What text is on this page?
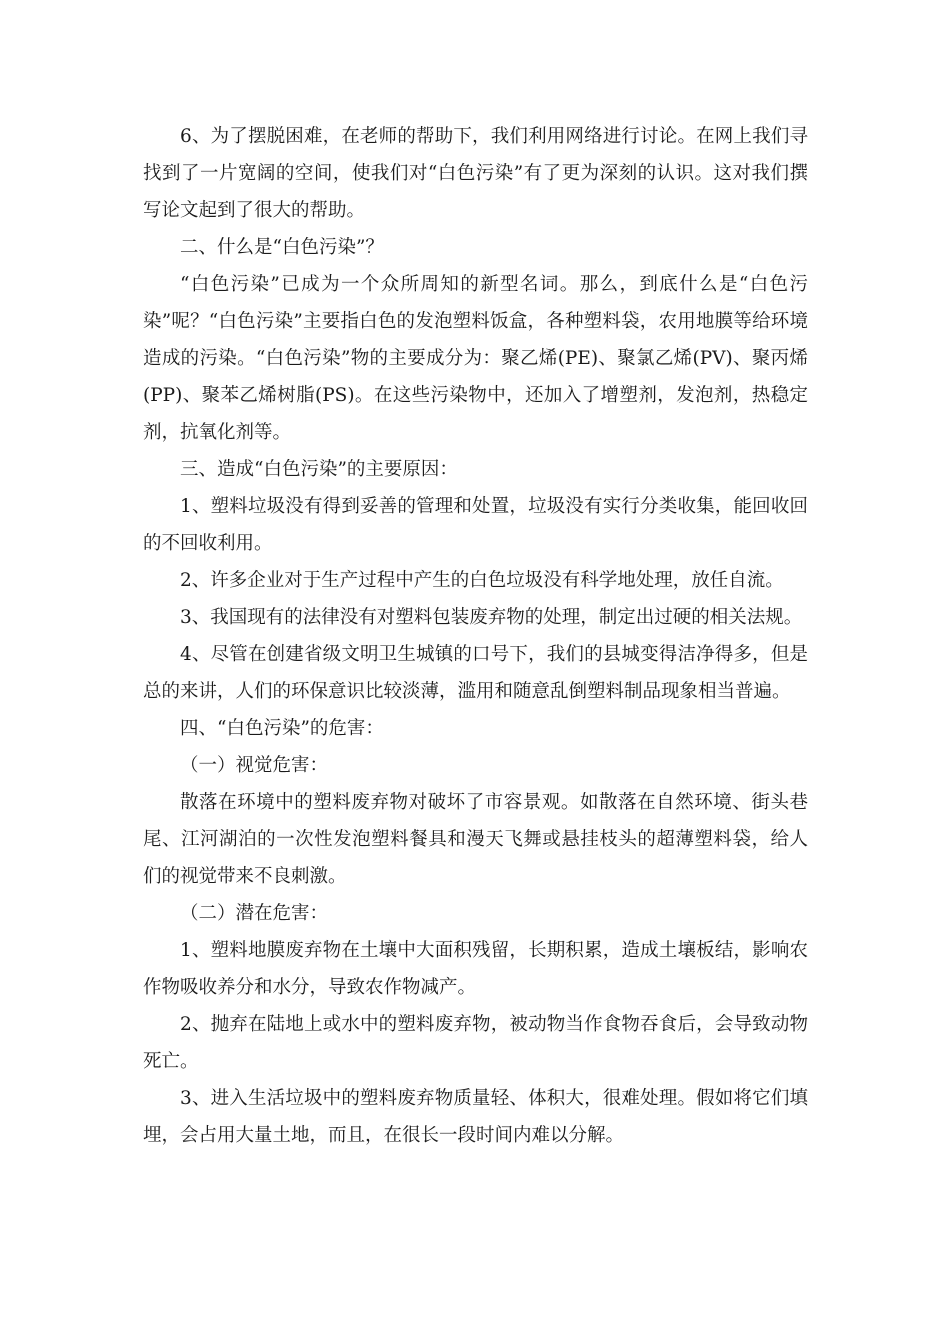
6、为了摆脱困难，在老师的帮助下，我们利用网络进行讨论。在网上我们寻找到了一片宽阔的空间，使我们对“白色污染”有了更为深刻的认识。这对我们撰写论文起到了很大的帮助。

二、什么是“白色污染”？

“白色污染”已成为一个众所周知的新型名词。那么，到底什么是“白色污染”呢？“白色污染”主要指白色的发泡塑料饭盒，各种塑料袋，农用地膜等给环境造成的污染。“白色污染”物的主要成分为：聚乙烯(PE)、聚氯乙烯(PV)、聚丙烯(PP)、聚苯乙烯树脂(PS)。在这些污染物中，还加入了增塑剂，发泡剂，热稳定剂，抗氧化剂等。

三、造成“白色污染”的主要原因：

1、塑料垃圾没有得到妥善的管理和处置，垃圾没有实行分类收集，能回收回的不回收利用。

2、许多企业对于生产过程中产生的白色垃圾没有科学地处理，放任自流。

3、我国现有的法律没有对塑料包装废弃物的处理，制定出过硬的相关法规。

4、尽管在创建省级文明卫生城镇的口号下，我们的县城变得洁净得多，但是总的来讲，人们的环保意识比较淡薄，滥用和随意乱倒塑料制品现象相当普遍。

四、“白色污染”的危害：

（一）视觉危害：

散落在环境中的塑料废弃物对破坏了市容景观。如散落在自然环境、街头巷尾、江河湖泊的一次性发泡塑料餐具和漫天飞舞或悬挂枝头的超薄塑料袋，给人们的视觉带来不良刺激。

（二）潜在危害：

1、塑料地膜废弃物在土壤中大面积残留，长期积累，造成土壤板结，影响农作物吸收养分和水分，导致农作物减产。

2、抛弃在陆地上或水中的塑料废弃物，被动物当作食物吞食后，会导致动物死亡。

3、进入生活垃圾中的塑料废弃物质量轻、体积大，很难处理。假如将它们填埋，会占用大量土地，而且，在很长一段时间内难以分解。
